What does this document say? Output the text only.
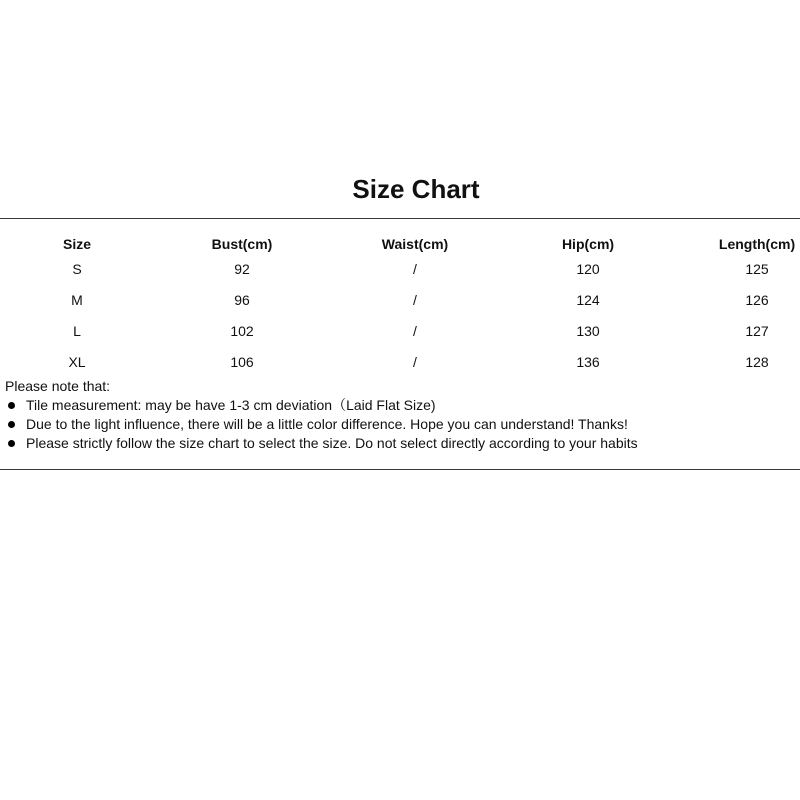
Size Chart
Size	Bust(cm)	Waist(cm)	Hip(cm)	Length(cm)
S	92	/	120	125
M	96	/	124	126
L	102	/	130	127
XL	106	/	136	128
Please note that:
Tile measurement: may be have 1-3 cm deviation（Laid Flat Size)
Due to the light influence, there will be a little color difference. Hope you can understand! Thanks!
Please strictly follow the size chart to select the size. Do not select directly according to your habits
